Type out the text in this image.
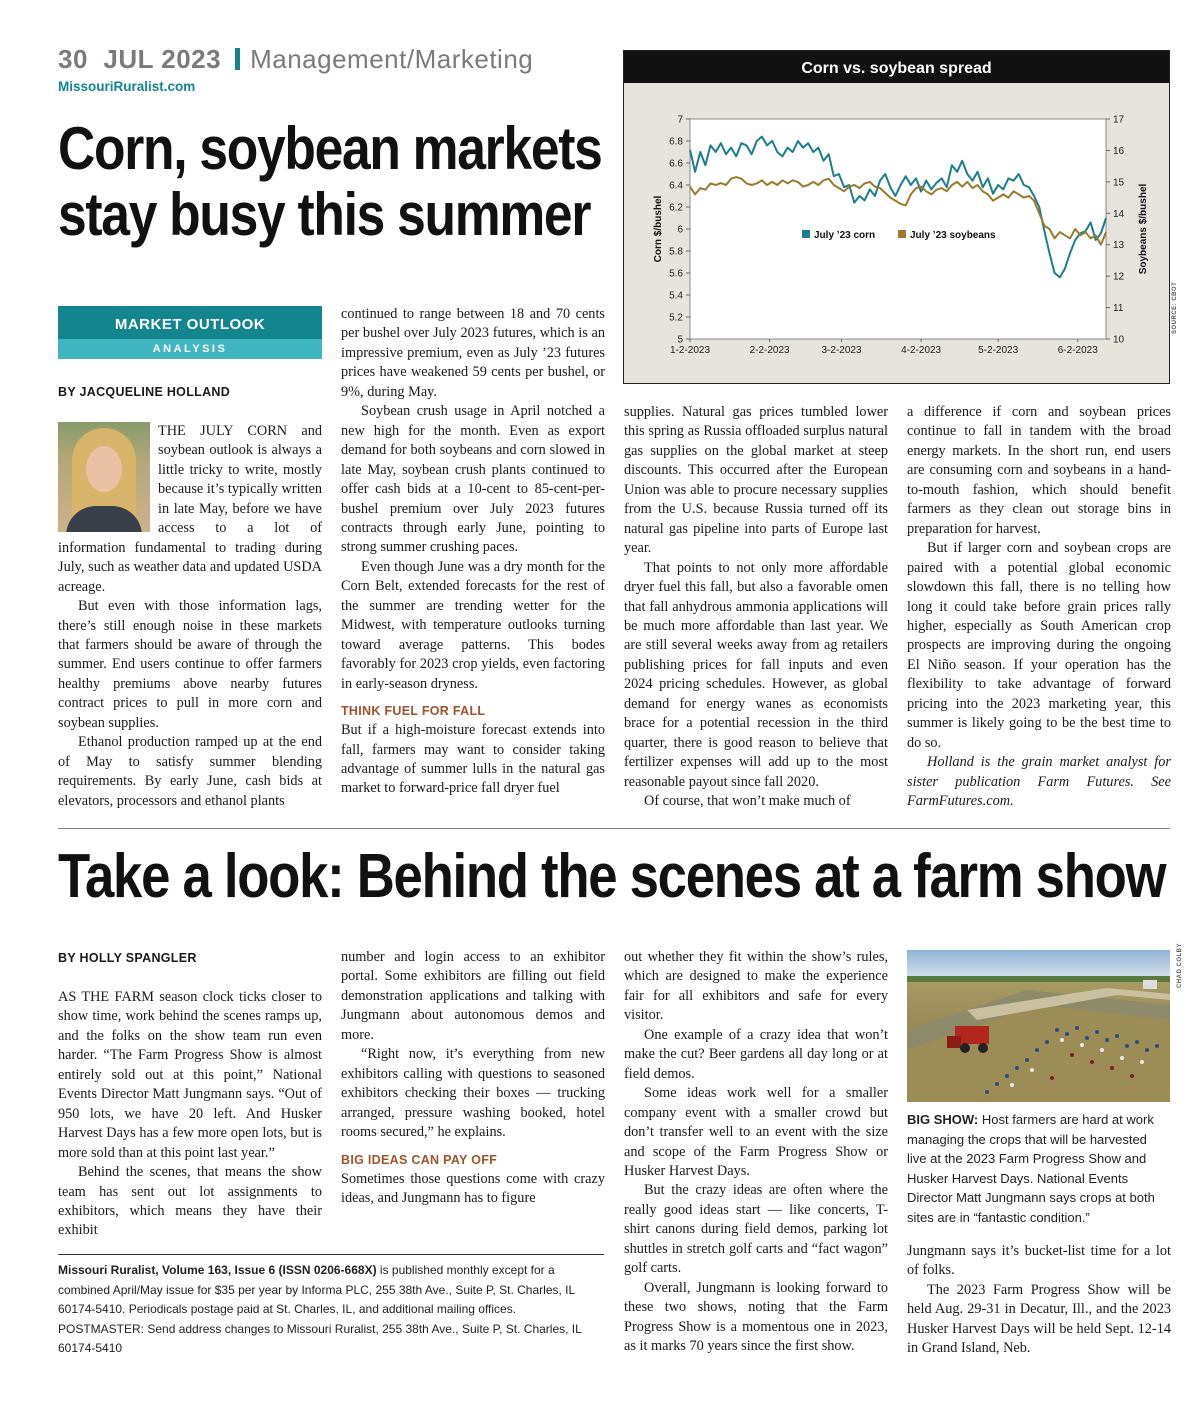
30 JUL 2023 Management/Marketing
MissouriRuralist.com
Corn, soybean markets
stay busy this summer
MARKET OUTLOOK
ANALYSIS
BY JACQUELINE HOLLAND

THE JULY CORN and soybean outlook is always a little tricky to write, mostly because it’s typically written in late May, before we have access to a lot of information fundamental to trading during July, such as weather data and updated USDA acreage.

But even with those information lags, there’s still enough noise in these markets that farmers should be aware of through the summer. End users continue to offer farmers healthy premiums above nearby futures contract prices to pull in more corn and soybean supplies.

Ethanol production ramped up at the end of May to satisfy summer blending requirements. By early June, cash bids at elevators, processors and ethanol plants

continued to range between 18 and 70 cents per bushel over July 2023 futures, which is an impressive premium, even as July ’23 futures prices have weakened 59 cents per bushel, or 9%, during May.

Soybean crush usage in April notched a new high for the month. Even as export demand for both soybeans and corn slowed in late May, soybean crush plants continued to offer cash bids at a 10-cent to 85-cent-per-bushel premium over July 2023 futures contracts through early June, pointing to strong summer crushing paces.

Even though June was a dry month for the Corn Belt, extended forecasts for the rest of the summer are trending wetter for the Midwest, with temperature outlooks turning toward average patterns. This bodes favorably for 2023 crop yields, even factoring in early-season dryness.

THINK FUEL FOR FALL

But if a high-moisture forecast extends into fall, farmers may want to consider taking advantage of summer lulls in the natural gas market to forward-price fall dryer fuel

supplies. Natural gas prices tumbled lower this spring as Russia offloaded surplus natural gas supplies on the global market at steep discounts. This occurred after the European Union was able to procure necessary supplies from the U.S. because Russia turned off its natural gas pipeline into parts of Europe last year.

That points to not only more affordable dryer fuel this fall, but also a favorable omen that fall anhydrous ammonia applications will be much more affordable than last year. We are still several weeks away from ag retailers publishing prices for fall inputs and even 2024 pricing schedules. However, as global demand for energy wanes as economists brace for a potential recession in the third quarter, there is good reason to believe that fertilizer expenses will add up to the most reasonable payout since fall 2020.

Of course, that won’t make much of

a difference if corn and soybean prices continue to fall in tandem with the broad energy markets. In the short run, end users are consuming corn and soybeans in a hand-to-mouth fashion, which should benefit farmers as they clean out storage bins in preparation for harvest.

But if larger corn and soybean crops are paired with a potential global economic slowdown this fall, there is no telling how long it could take before grain prices rally higher, especially as South American crop prospects are improving during the ongoing El Niño season. If your operation has the flexibility to take advantage of forward pricing into the 2023 marketing year, this summer is likely going to be the best time to do so.

Holland is the grain market analyst for sister publication Farm Futures. See FarmFutures.com.

Corn vs. soybean spread
5
5.2
5.4
5.6
5.8
6
6.2
6.4
6.6
6.8
7
10
11
12
13
14
15
16
17
1-2-2023	2-2-2023	3-2-2023	4-2-2023	5-2-2023	6-2-2023
Corn $/bushel	Soybeans $/bushel
July ’23 corn	July ’23 soybeans
SOURCE: CBOT
Take a look: Behind the scenes at a farm show
BY HOLLY SPANGLER

AS THE FARM season clock ticks closer to show time, work behind the scenes ramps up, and the folks on the show team run even harder. “The Farm Progress Show is almost entirely sold out at this point,” National Events Director Matt Jungmann says. “Out of 950 lots, we have 20 left. And Husker Harvest Days has a few more open lots, but is more sold than at this point last year.”

Behind the scenes, that means the show team has sent out lot assignments to exhibitors, which means they have their exhibit

number and login access to an exhibitor portal. Some exhibitors are filling out field demonstration applications and talking with Jungmann about autonomous demos and more.

“Right now, it’s everything from new exhibitors calling with questions to seasoned exhibitors checking their boxes — trucking arranged, pressure washing booked, hotel rooms secured,” he explains.

BIG IDEAS CAN PAY OFF

Sometimes those questions come with crazy ideas, and Jungmann has to figure

out whether they fit within the show’s rules, which are designed to make the experience fair for all exhibitors and safe for every visitor.

One example of a crazy idea that won’t make the cut? Beer gardens all day long or at field demos.

Some ideas work well for a smaller company event with a smaller crowd but don’t transfer well to an event with the size and scope of the Farm Progress Show or Husker Harvest Days.

But the crazy ideas are often where the really good ideas start — like concerts, T-shirt canons during field demos, parking lot shuttles in stretch golf carts and “fact wagon” golf carts.

Overall, Jungmann is looking forward to these two shows, noting that the Farm Progress Show is a momentous one in 2023, as it marks 70 years since the first show.

CHAD COLBY
BIG SHOW: Host farmers are hard at work managing the crops that will be harvested live at the 2023 Farm Progress Show and Husker Harvest Days. National Events Director Matt Jungmann says crops at both sites are in “fantastic condition.”

Jungmann says it’s bucket-list time for a lot of folks.

The 2023 Farm Progress Show will be held Aug. 29-31 in Decatur, Ill., and the 2023 Husker Harvest Days will be held Sept. 12-14 in Grand Island, Neb.

Missouri Ruralist, Volume 163, Issue 6 (ISSN 0206-668X) is published monthly except for a combined April/May issue for $35 per year by Informa PLC, 255 38th Ave., Suite P, St. Charles, IL 60174-5410. Periodicals postage paid at St. Charles, IL, and additional mailing offices. POSTMASTER: Send address changes to Missouri Ruralist, 255 38th Ave., Suite P, St. Charles, IL 60174-5410
